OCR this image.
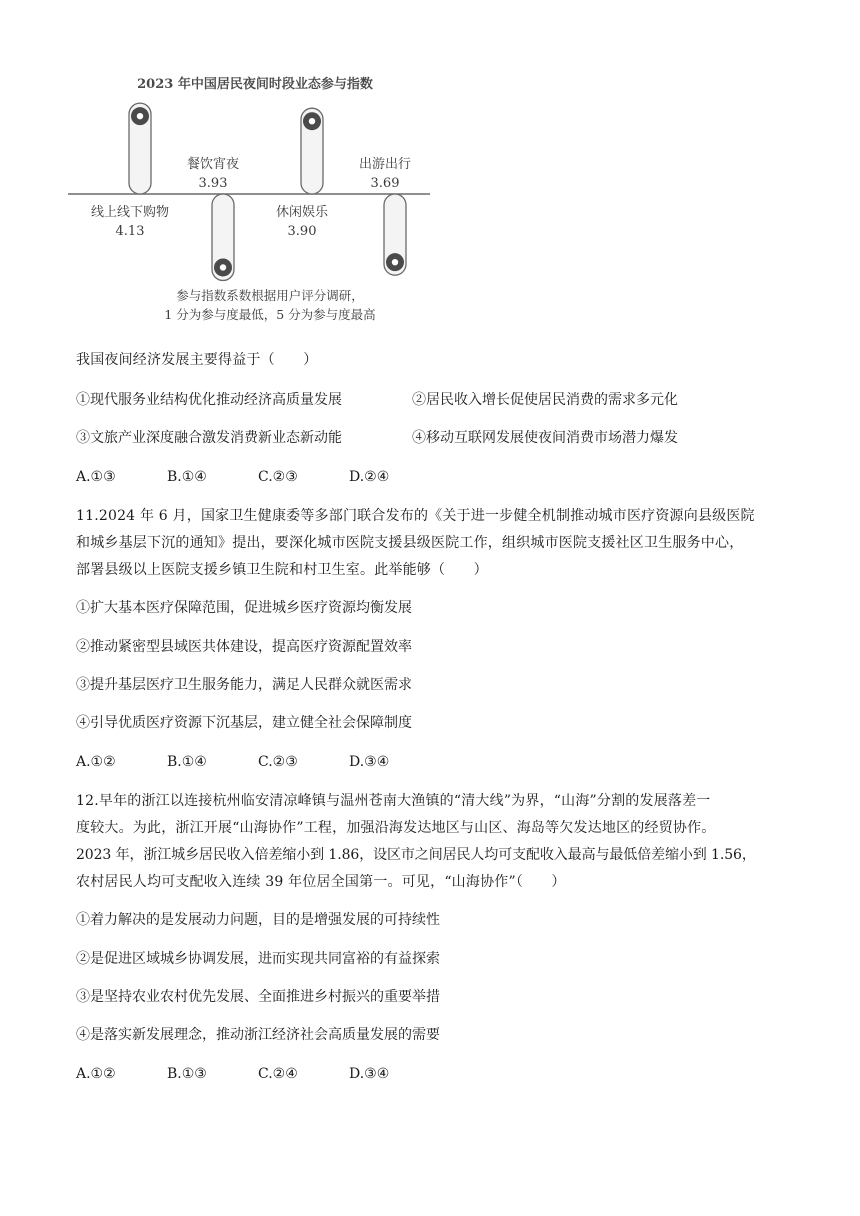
2023 年中国居民夜间时段业态参与指数
线上线下购物
4.13
餐饮宵夜
3.93
休闲娱乐
3.90
出游出行
3.69
参与指数系数根据用户评分调研，
1 分为参与度最低，5 分为参与度最高
我国夜间经济发展主要得益于（　　）
①现代服务业结构优化推动经济高质量发展	②居民收入增长促使居民消费的需求多元化
③文旅产业深度融合激发消费新业态新动能	④移动互联网发展使夜间消费市场潜力爆发
A.①③	B.①④	C.②③	D.②④
11.2024 年 6 月，国家卫生健康委等多部门联合发布的《关于进一步健全机制推动城市医疗资源向县级医院
和城乡基层下沉的通知》提出，要深化城市医院支援县级医院工作，组织城市医院支援社区卫生服务中心，
部署县级以上医院支援乡镇卫生院和村卫生室。此举能够（　　）
①扩大基本医疗保障范围，促进城乡医疗资源均衡发展
②推动紧密型县域医共体建设，提高医疗资源配置效率
③提升基层医疗卫生服务能力，满足人民群众就医需求
④引导优质医疗资源下沉基层，建立健全社会保障制度
A.①②	B.①④	C.②③	D.③④
12.早年的浙江以连接杭州临安清凉峰镇与温州苍南大渔镇的“清大线”为界，“山海”分割的发展落差一
度较大。为此，浙江开展“山海协作”工程，加强沿海发达地区与山区、海岛等欠发达地区的经贸协作。
2023 年，浙江城乡居民收入倍差缩小到 1.86，设区市之间居民人均可支配收入最高与最低倍差缩小到 1.56，
农村居民人均可支配收入连续 39 年位居全国第一。可见，“山海协作”（　　）
①着力解决的是发展动力问题，目的是增强发展的可持续性
②是促进区域城乡协调发展，进而实现共同富裕的有益探索
③是坚持农业农村优先发展、全面推进乡村振兴的重要举措
④是落实新发展理念，推动浙江经济社会高质量发展的需要
A.①②	B.①③	C.②④	D.③④
